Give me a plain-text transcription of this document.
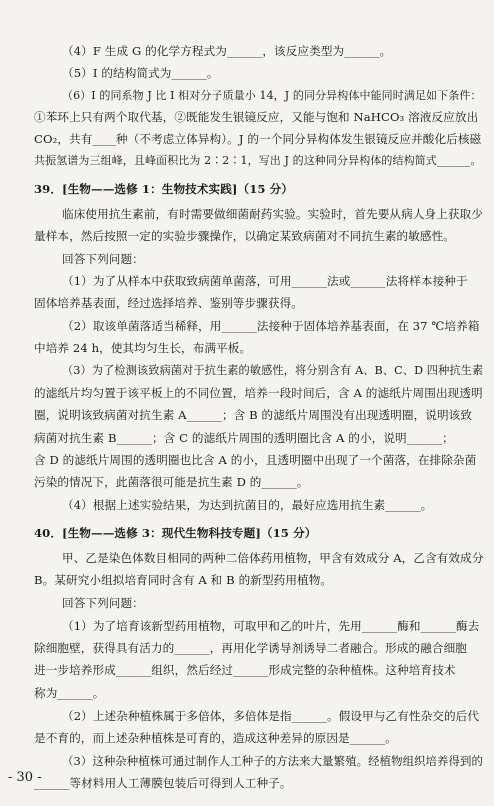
（4）F 生成 G 的化学方程式为______，该反应类型为______。
（5）I 的结构简式为______。
（6）I 的同系物 J 比 I 相对分子质量小 14，J 的同分异构体中能同时满足如下条件：
①苯环上只有两个取代基，②既能发生银镜反应，又能与饱和 NaHCO₃ 溶液反应放出
CO₂，共有____种（不考虑立体异构）。J 的一个同分异构体发生银镜反应并酸化后核磁
共振氢谱为三组峰，且峰面积比为 2∶2∶1，写出 J 的这种同分异构体的结构简式______。
39．[生物——选修 1：生物技术实践]（15 分）
临床使用抗生素前，有时需要做细菌耐药实验。实验时，首先要从病人身上获取少
量样本，然后按照一定的实验步骤操作，以确定某致病菌对不同抗生素的敏感性。
回答下列问题：
（1）为了从样本中获取致病菌单菌落，可用______法或______法将样本接种于
固体培养基表面，经过选择培养、鉴别等步骤获得。
（2）取该单菌落适当稀释，用______法接种于固体培养基表面，在 37 ℃培养箱
中培养 24 h，使其均匀生长，布满平板。
（3）为了检测该致病菌对于抗生素的敏感性，将分别含有 A、B、C、D 四种抗生素
的滤纸片均匀置于该平板上的不同位置，培养一段时间后，含 A 的滤纸片周围出现透明
圈，说明该致病菌对抗生素 A______；含 B 的滤纸片周围没有出现透明圈，说明该致
病菌对抗生素 B______；含 C 的滤纸片周围的透明圈比含 A 的小，说明______；
含 D 的滤纸片周围的透明圈也比含 A 的小，且透明圈中出现了一个菌落，在排除杂菌
污染的情况下，此菌落很可能是抗生素 D 的______。
（4）根据上述实验结果，为达到抗菌目的，最好应选用抗生素______。
40．[生物——选修 3：现代生物科技专题]（15 分）
甲、乙是染色体数目相同的两种二倍体药用植物，甲含有效成分 A，乙含有效成分
B。某研究小组拟培育同时含有 A 和 B 的新型药用植物。
回答下列问题：
（1）为了培育该新型药用植物，可取甲和乙的叶片，先用______酶和______酶去
除细胞壁，获得具有活力的______，再用化学诱导剂诱导二者融合。形成的融合细胞
进一步培养形成______组织，然后经过______形成完整的杂种植株。这种培育技术
称为______。
（2）上述杂种植株属于多倍体，多倍体是指______。假设甲与乙有性杂交的后代
是不育的，而上述杂种植株是可育的，造成这种差异的原因是______。
（3）这种杂种植株可通过制作人工种子的方法来大量繁殖。经植物组织培养得到的
______等材料用人工薄膜包装后可得到人工种子。
- 30 -
